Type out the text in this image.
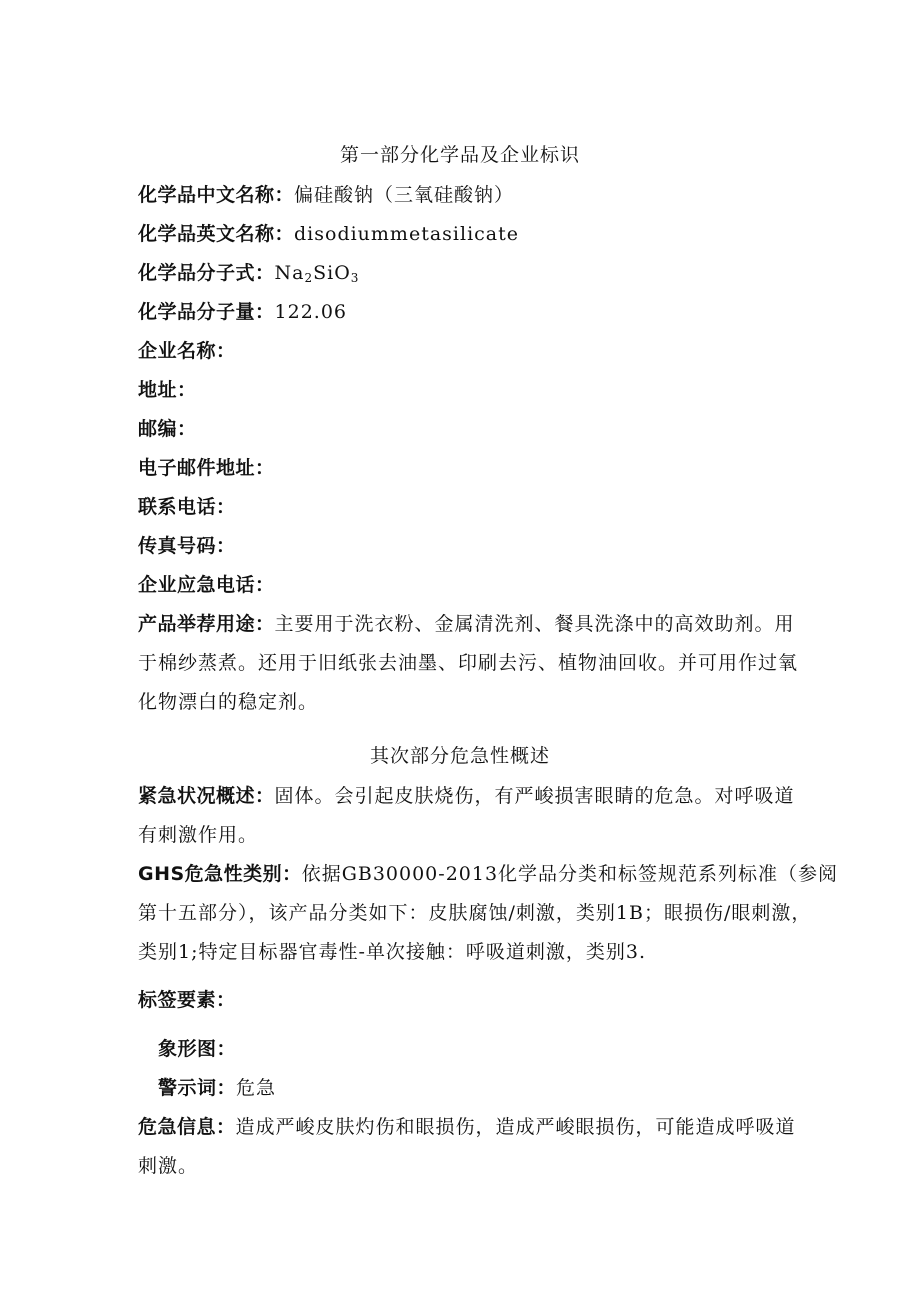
第一部分化学品及企业标识
化学品中文名称：偏硅酸钠（三氧硅酸钠）
化学品英文名称：disodiummetasilicate
化学品分子式：$Na_2SiO_3$
化学品分子量：122.06
企业名称：
地址：
邮编：
电子邮件地址：
联系电话：
传真号码：
企业应急电话：
产品举荐用途：主要用于洗衣粉、金属清洗剂、餐具洗涤中的高效助剂。用
于棉纱蒸煮。还用于旧纸张去油墨、印刷去污、植物油回收。并可用作过氧
化物漂白的稳定剂。
其次部分危急性概述
紧急状况概述：固体。会引起皮肤烧伤，有严峻损害眼睛的危急。对呼吸道
有刺激作用。
GHS危急性类别：依据GB30000-2013化学品分类和标签规范系列标准（参阅
第十五部分），该产品分类如下：皮肤腐蚀/刺激，类别1B；眼损伤/眼刺激，
类别1;特定目标器官毒性-单次接触：呼吸道刺激，类别3.
标签要素：
象形图：
警示词：危急
危急信息：造成严峻皮肤灼伤和眼损伤，造成严峻眼损伤，可能造成呼吸道
刺激。
